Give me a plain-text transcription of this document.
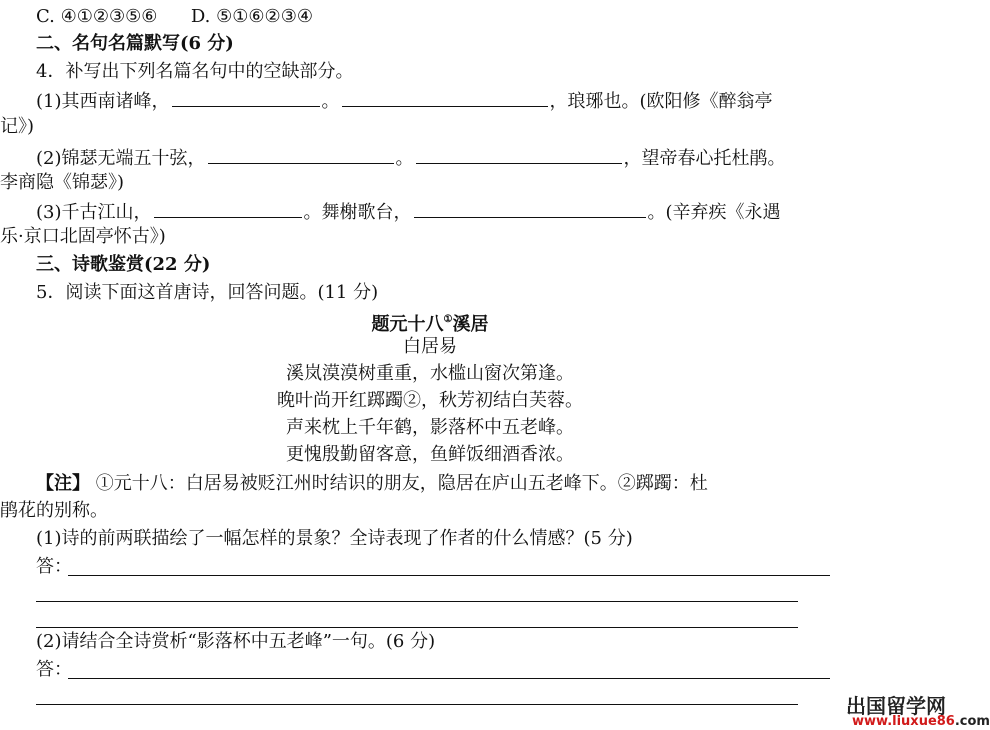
C. ④①②③⑤⑥ D. ⑤①⑥②③④
二、名句名篇默写(6 分)
4．补写出下列名篇名句中的空缺部分。
(1)其西南诸峰，	。	，琅琊也。(欧阳修《醉翁亭
记》)
(2)锦瑟无端五十弦，	。	，望帝春心托杜鹃。
李商隐《锦瑟》)
(3)千古江山，	。舞榭歌台，	。(辛弃疾《永遇
乐·京口北固亭怀古》)
三、诗歌鉴赏(22 分)
5．阅读下面这首唐诗，回答问题。(11 分)
题元十八①溪居
白居易
溪岚漠漠树重重，水槛山窗次第逢。
晚叶尚开红踯躅②，秋芳初结白芙蓉。
声来枕上千年鹤，影落杯中五老峰。
更愧殷勤留客意，鱼鲜饭细酒香浓。
【注】 ①元十八：白居易被贬江州时结识的朋友，隐居在庐山五老峰下。②踯躅：杜
鹃花的别称。
(1)诗的前两联描绘了一幅怎样的景象？全诗表现了作者的什么情感？(5 分)
答：
(2)请结合全诗赏析“影落杯中五老峰”一句。(6 分)
答：
出国留学网
www.liuxue86.com
